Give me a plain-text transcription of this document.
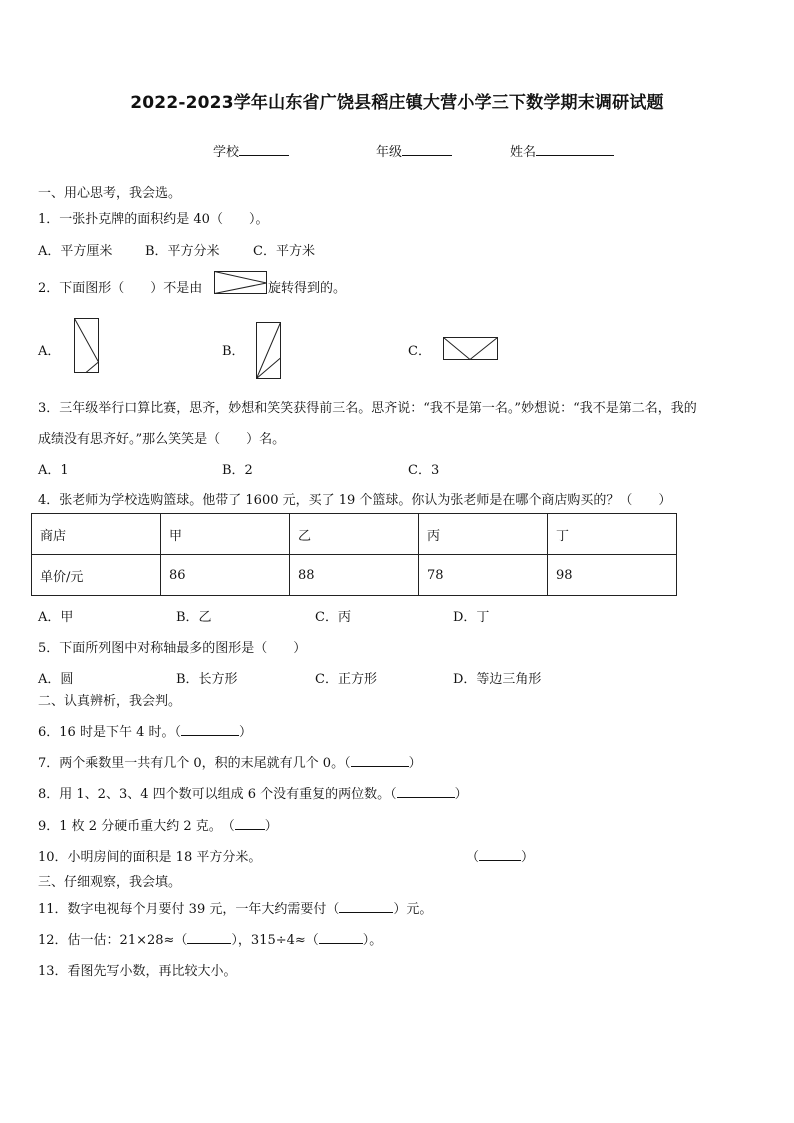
2022-2023学年山东省广饶县稻庄镇大营小学三下数学期末调研试题
学校	年级	姓名
一、用心思考，我会选。
1．一张扑克牌的面积约是 40（　　）。
A．平方厘米	B．平方分米	C．平方米
2．下面图形（　　）不是由	旋转得到的。
A．	B．	C．
3．三年级举行口算比赛，思齐，妙想和笑笑获得前三名。思齐说：“我不是第一名。”妙想说：“我不是第二名，我的
成绩没有思齐好。”那么笑笑是（　　）名。
A．1	B．2	C．3
4．张老师为学校选购篮球。他带了 1600 元，买了 19 个篮球。你认为张老师是在哪个商店购买的？（　　）
商店	甲	乙	丙	丁
单价/元	86	88	78	98
A．甲	B．乙	C．丙	D．丁
5．下面所列图中对称轴最多的图形是（　　）
A．圆	B．长方形	C．正方形	D．等边三角形
二、认真辨析，我会判。
6．16 时是下午 4 时。（	）
7．两个乘数里一共有几个 0，积的末尾就有几个 0。（	）
8．用 1、2、3、4 四个数可以组成 6 个没有重复的两位数。（	）
9．1 枚 2 分硬币重大约 2 克。　（ ）
10．小明房间的面积是 18 平方分米。	（	）
三、仔细观察，我会填。
11．数字电视每个月要付 39 元，一年大约需要付（	）元。
12．估一估：21×28≈（	），315÷4≈（	）。
13．看图先写小数，再比较大小。
